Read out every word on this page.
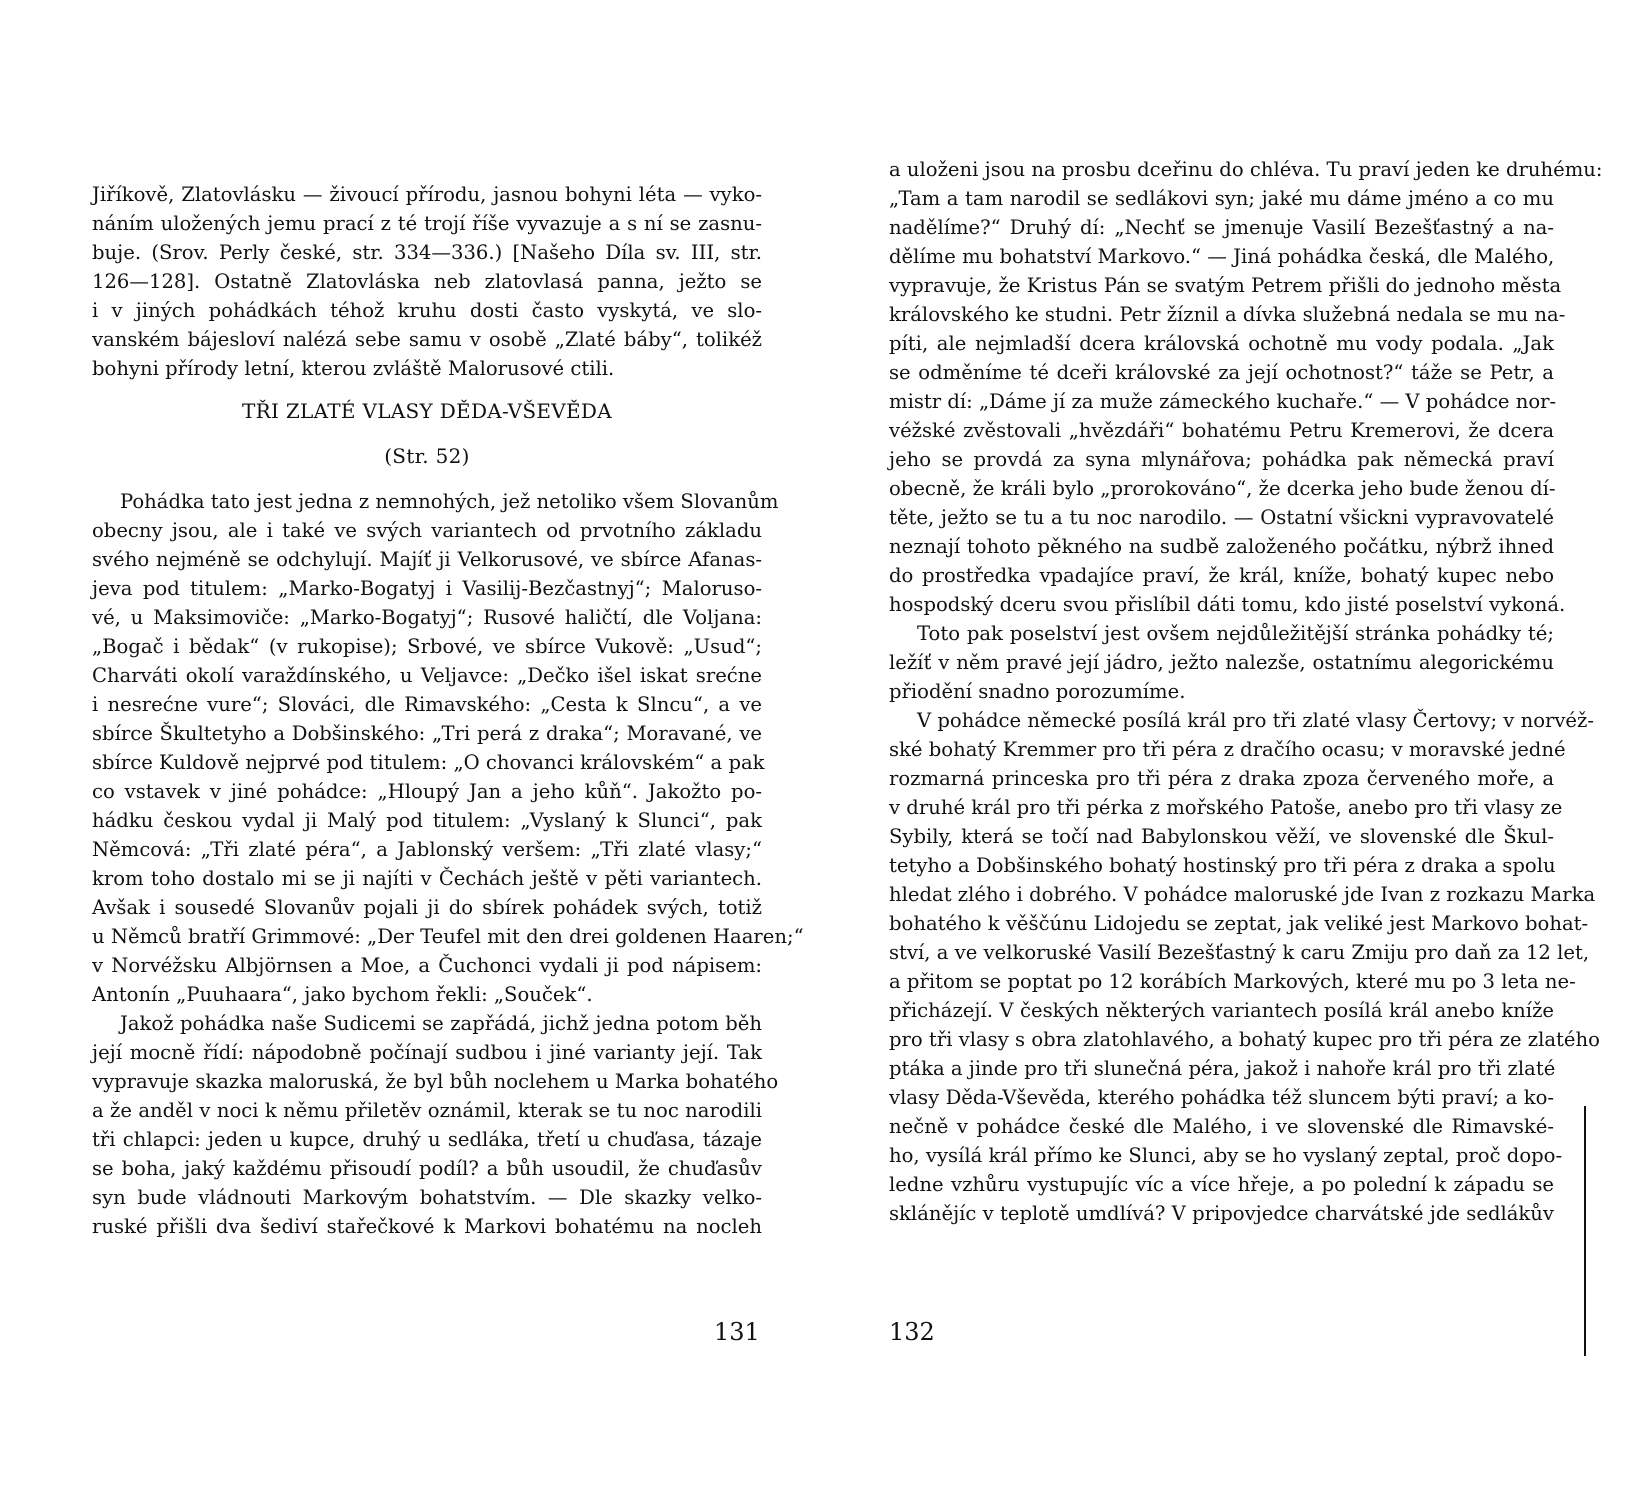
Jiříkově, Zlatovlásku — živoucí přírodu, jasnou bohyni léta — vyko-
náním uložených jemu prací z té trojí říše vyvazuje a s ní se zasnu-
buje. (Srov. Perly české, str. 334—336.) [Našeho Díla sv. III, str.
126—128]. Ostatně Zlatovláska neb zlatovlasá panna, ježto se
i v jiných pohádkách téhož kruhu dosti často vyskytá, ve slo-
vanském bájesloví nalézá sebe samu v osobě „Zlaté báby“, tolikéž
bohyni přírody letní, kterou zvláště Malorusové ctili.
TŘI ZLATÉ VLASY DĚDA-VŠEVĚDA
(Str. 52)
Pohádka tato jest jedna z nemnohých, jež netoliko všem Slovanům
obecny jsou, ale i také ve svých variantech od prvotního základu
svého nejméně se odchylují. Majíť ji Velkorusové, ve sbírce Afanas-
jeva pod titulem: „Marko-Bogatyj i Vasilij-Bezčastnyj“; Maloruso-
vé, u Maksimoviče: „Marko-Bogatyj“; Rusové haličtí, dle Voljana:
„Bogač i bědak“ (v rukopise); Srbové, ve sbírce Vukově: „Usud“;
Charváti okolí varaždínského, u Veljavce: „Dečko išel iskat srećne
i nesrećne vure“; Slováci, dle Rimavského: „Cesta k Slncu“, a ve
sbírce Škultetyho a Dobšinského: „Tri perá z draka“; Moravané, ve
sbírce Kuldově nejprvé pod titulem: „O chovanci královském“ a pak
co vstavek v jiné pohádce: „Hloupý Jan a jeho kůň“. Jakožto po-
hádku českou vydal ji Malý pod titulem: „Vyslaný k Slunci“, pak
Němcová: „Tři zlaté péra“, a Jablonský veršem: „Tři zlaté vlasy;“
krom toho dostalo mi se ji najíti v Čechách ještě v pěti variantech.
Avšak i sousedé Slovanův pojali ji do sbírek pohádek svých, totiž
u Němců bratří Grimmové: „Der Teufel mit den drei goldenen Haaren;“
v Norvéžsku Albjörnsen a Moe, a Čuchonci vydali ji pod nápisem:
Antonín „Puuhaara“, jako bychom řekli: „Souček“.
Jakož pohádka naše Sudicemi se zapřádá, jichž jedna potom běh
její mocně řídí: nápodobně počínají sudbou i jiné varianty její. Tak
vypravuje skazka maloruská, že byl bůh noclehem u Marka bohatého
a že anděl v noci k němu přiletěv oznámil, kterak se tu noc narodili
tři chlapci: jeden u kupce, druhý u sedláka, třetí u chuďasa, tázaje
se boha, jaký každému přisoudí podíl? a bůh usoudil, že chuďasův
syn bude vládnouti Markovým bohatstvím. — Dle skazky velko-
ruské přišli dva šediví stařečkové k Markovi bohatému na nocleh
131
a uloženi jsou na prosbu dceřinu do chléva. Tu praví jeden ke druhému:
„Tam a tam narodil se sedlákovi syn; jaké mu dáme jméno a co mu
nadělíme?“ Druhý dí: „Nechť se jmenuje Vasilí Bezešťastný a na-
dělíme mu bohatství Markovo.“ — Jiná pohádka česká, dle Malého,
vypravuje, že Kristus Pán se svatým Petrem přišli do jednoho města
královského ke studni. Petr žíznil a dívka služebná nedala se mu na-
píti, ale nejmladší dcera královská ochotně mu vody podala. „Jak
se odměníme té dceři královské za její ochotnost?“ táže se Petr, a
mistr dí: „Dáme jí za muže zámeckého kuchaře.“ — V pohádce nor-
véžské zvěstovali „hvězdáři“ bohatému Petru Kremerovi, že dcera
jeho se provdá za syna mlynářova; pohádka pak německá praví
obecně, že králi bylo „prorokováno“, že dcerka jeho bude ženou dí-
těte, ježto se tu a tu noc narodilo. — Ostatní všickni vypravovatelé
neznají tohoto pěkného na sudbě založeného počátku, nýbrž ihned
do prostředka vpadajíce praví, že král, kníže, bohatý kupec nebo
hospodský dceru svou přislíbil dáti tomu, kdo jisté poselství vykoná.
Toto pak poselství jest ovšem nejdůležitější stránka pohádky té;
ležíť v něm pravé její jádro, ježto nalezše, ostatnímu alegorickému
přiodění snadno porozumíme.
V pohádce německé posílá král pro tři zlaté vlasy Čertovy; v norvéž-
ské bohatý Kremmer pro tři péra z dračího ocasu; v moravské jedné
rozmarná princeska pro tři péra z draka zpoza červeného moře, a
v druhé král pro tři pérka z mořského Patoše, anebo pro tři vlasy ze
Sybily, která se točí nad Babylonskou věží, ve slovenské dle Škul-
tetyho a Dobšinského bohatý hostinský pro tři péra z draka a spolu
hledat zlého i dobrého. V pohádce maloruské jde Ivan z rozkazu Marka
bohatého k věščúnu Lidojedu se zeptat, jak veliké jest Markovo bohat-
ství, a ve velkoruské Vasilí Bezešťastný k caru Zmiju pro daň za 12 let,
a přitom se poptat po 12 korábích Markových, které mu po 3 leta ne-
přicházejí. V českých některých variantech posílá král anebo kníže
pro tři vlasy s obra zlatohlavého, a bohatý kupec pro tři péra ze zlatého
ptáka a jinde pro tři slunečná péra, jakož i nahoře král pro tři zlaté
vlasy Děda-Vševěda, kterého pohádka též sluncem býti praví; a ko-
nečně v pohádce české dle Malého, i ve slovenské dle Rimavské-
ho, vysílá král přímo ke Slunci, aby se ho vyslaný zeptal, proč dopo-
ledne vzhůru vystupujíc víc a více hřeje, a po polední k západu se
sklánějíc v teplotě umdlívá? V pripovjedce charvátské jde sedlákův
132
